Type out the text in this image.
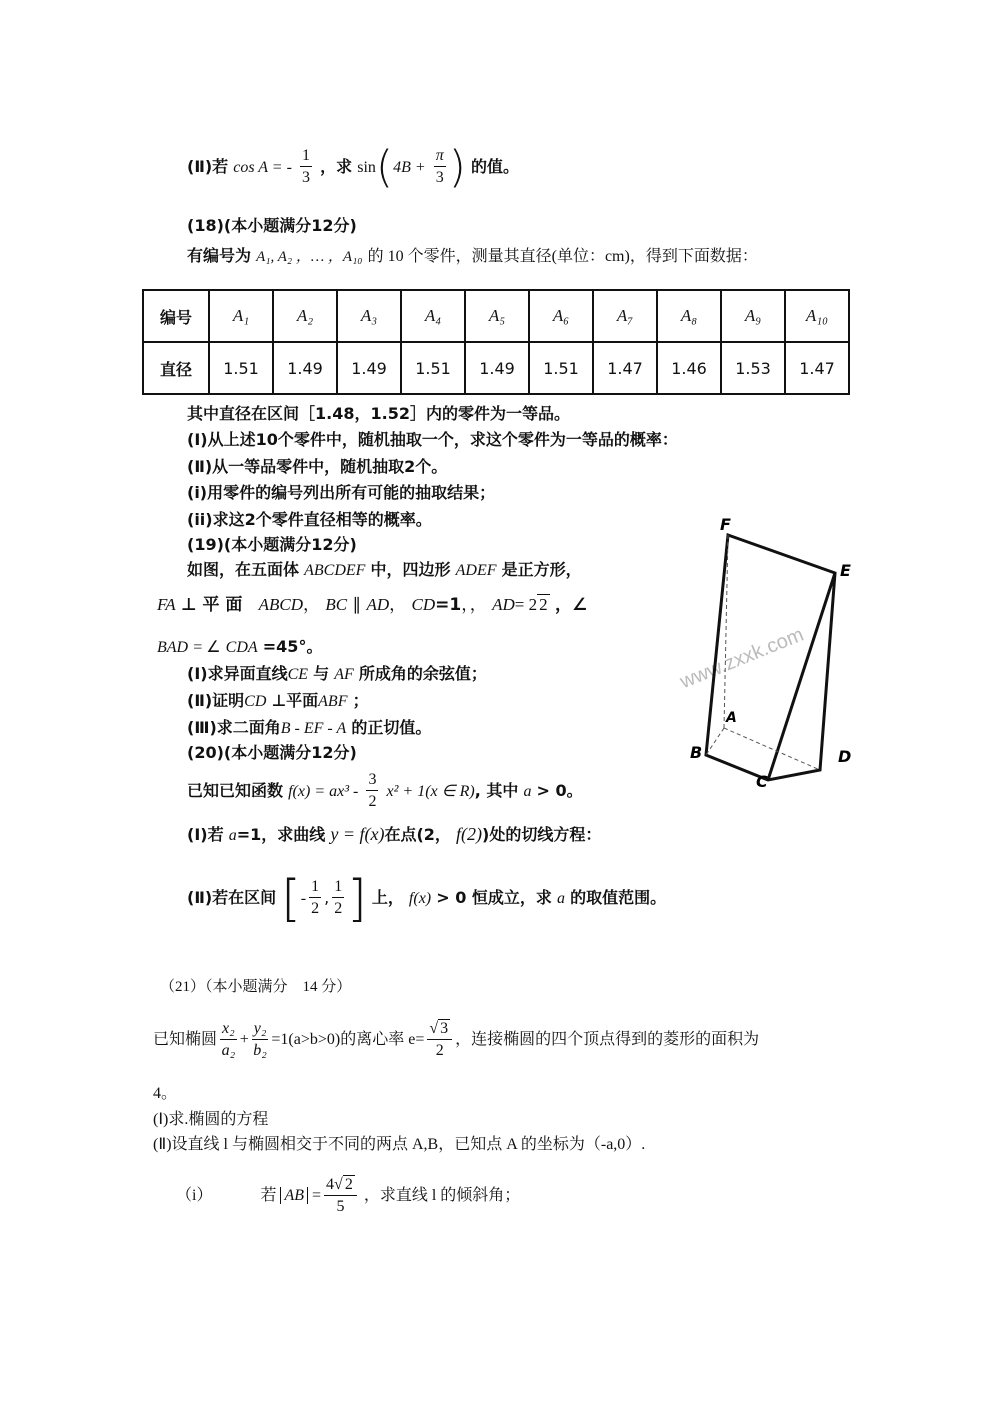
(Ⅱ)若 cos A = - $\frac{1}{3}$ ，求 $\sin(4B + \frac{\pi}{3}$ ) 的值。
(18)(本小题满分12分)
有编号为 A₁, A₂ ，… ，A₁₀ 的 10 个零件，测量其直径(单位：cm)，得到下面数据：
编号	A₁	A₂	A₃	A₄	A₅	A₆	A₇	A₈	A₉	A₁₀
直径	1.51	1.49	1.49	1.51	1.49	1.51	1.47	1.46	1.53	1.47
其中直径在区间［1.48，1.52］内的零件为一等品。
(Ⅰ)从上述10个零件中，随机抽取一个，求这个零件为一等品的概率：
(Ⅱ)从一等品零件中，随机抽取2个。
(i)用零件的编号列出所有可能的抽取结果；
(ii)求这2个零件直径相等的概率。
(19)(本小题满分12分)
如图，在五面体 ABCDEF 中，四边形 ADEF 是正方形，
FA ⊥ 平 面 ABCD， BC ∥ AD， CD=1，， AD= 2 2 ，∠
BAD = ∠ CDA =45°。
(Ⅰ)求异面直线CE 与 AF 所成角的余弦值；
(Ⅱ)证明CD ⊥平面ABF ；
(Ⅲ)求二面角B - EF - A 的正切值。
www.zxxk.com
F
E
A
B
C
D
(20)(本小题满分12分)
已知已知函数 $f(x) = ax^3 - \frac{3}{2} x^2 + 1(x$ ∈ R), 其中 a > 0。
(Ⅰ)若 a=1，求曲线 y = f(x)在点(2， f(2))处的切线方程：
(Ⅱ)若在区间 [- $\frac{1}{2}$ , $\frac{1}{2}$ ] 上， f(x) > 0 恒成立，求 a 的取值范围。
（21）（本小题满分　14 分）
已知椭圆 $\frac{\text{x₂}}{\text{a₂}} + \frac{\text{y₂}}{\text{b₂}} =1(a>b>0)$的离心率 $e= \frac{√ 3}{2}$ ，连接椭圆的四个顶点得到的菱形的面积为
4。
(Ⅰ)求.椭圆的方程
(Ⅱ)设直线 l 与椭圆相交于不同的两点 A,B，已知点 A 的坐标为（-a,0）.
（i）	若 AB = $\frac{4√ 2}{5}$ ，求直线 l 的倾斜角；
